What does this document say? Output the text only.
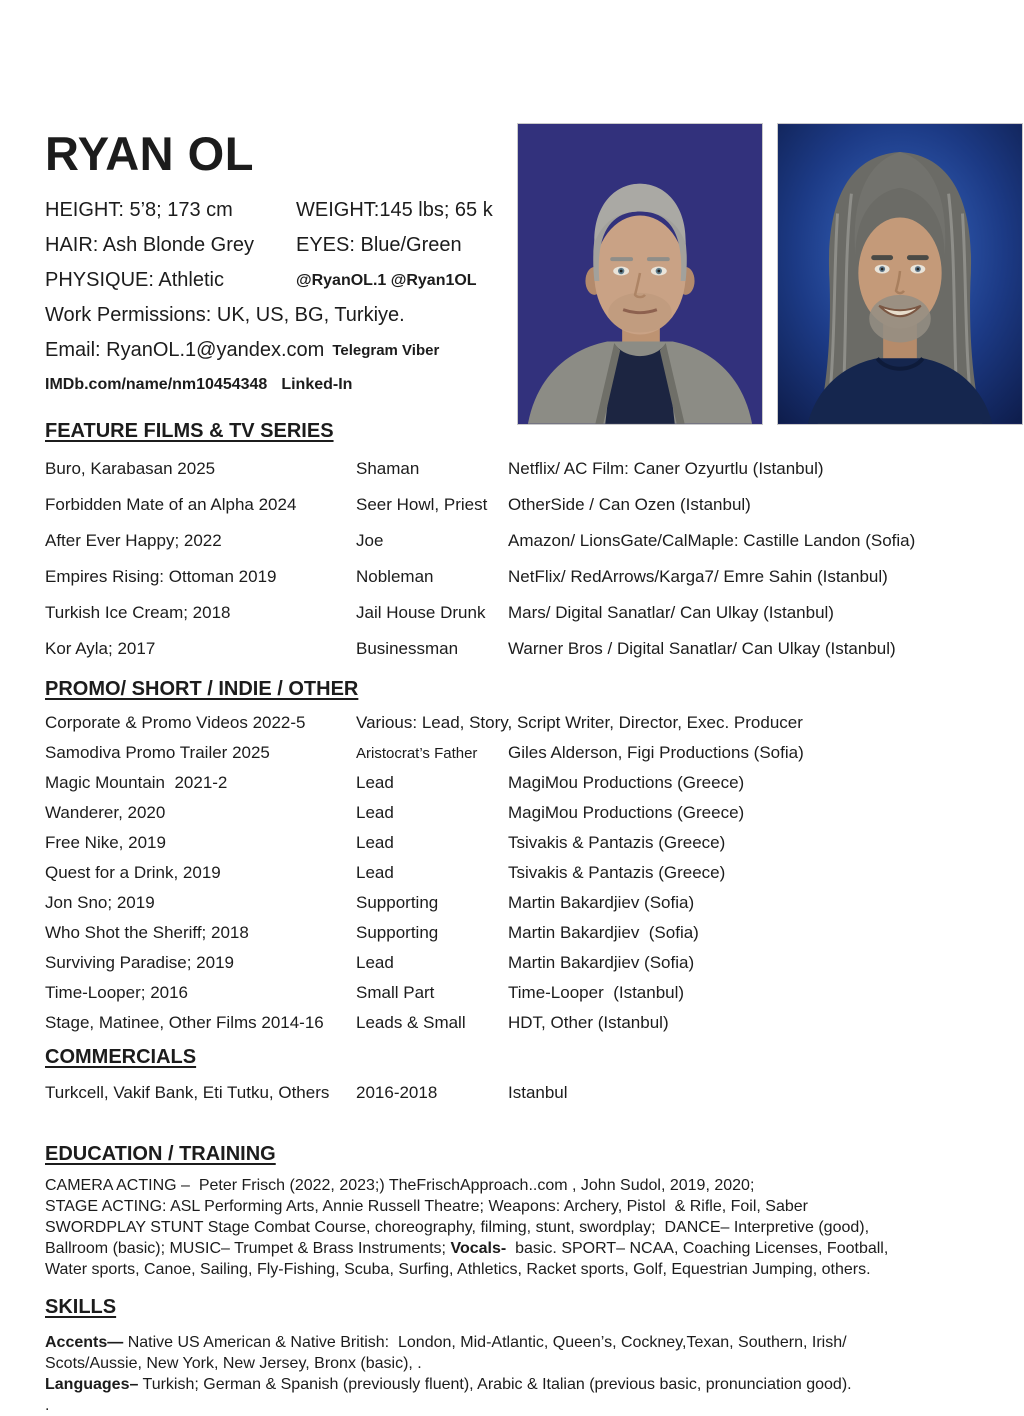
RYAN OL
HEIGHT: 5’8; 173 cm	WEIGHT:145 lbs; 65 k
HAIR: Ash Blonde Grey	EYES: Blue/Green
PHYSIQUE: Athletic	@RyanOL.1 @Ryan1OL
Work Permissions: UK, US, BG, Turkiye.
Email: RyanOL.1@yandex.com Telegram Viber
IMDb.com/name/nm10454348 Linked-In
FEATURE FILMS & TV SERIES
Buro, Karabasan 2025	Shaman	Netflix/ AC Film: Caner Ozyurtlu (Istanbul)
Forbidden Mate of an Alpha 2024	Seer Howl, Priest	OtherSide / Can Ozen (Istanbul)
After Ever Happy; 2022	Joe	Amazon/ LionsGate/CalMaple: Castille Landon (Sofia)
Empires Rising: Ottoman 2019	Nobleman	NetFlix/ RedArrows/Karga7/ Emre Sahin (Istanbul)
Turkish Ice Cream; 2018	Jail House Drunk	Mars/ Digital Sanatlar/ Can Ulkay (Istanbul)
Kor Ayla; 2017	Businessman	Warner Bros / Digital Sanatlar/ Can Ulkay (Istanbul)
PROMO/ SHORT / INDIE / OTHER
Corporate & Promo Videos 2022-5	Various: Lead, Story, Script Writer, Director, Exec. Producer
Samodiva Promo Trailer 2025	Aristocrat’s Father	Giles Alderson, Figi Productions (Sofia)
Magic Mountain  2021-2	Lead	MagiMou Productions (Greece)
Wanderer, 2020	Lead	MagiMou Productions (Greece)
Free Nike, 2019	Lead	Tsivakis & Pantazis (Greece)
Quest for a Drink, 2019	Lead	Tsivakis & Pantazis (Greece)
Jon Sno; 2019	Supporting	Martin Bakardjiev (Sofia)
Who Shot the Sheriff; 2018	Supporting	Martin Bakardjiev  (Sofia)
Surviving Paradise; 2019	Lead	Martin Bakardjiev (Sofia)
Time-Looper; 2016	Small Part	Time-Looper  (Istanbul)
Stage, Matinee, Other Films 2014-16	Leads & Small	HDT, Other (Istanbul)
COMMERCIALS
Turkcell, Vakif Bank, Eti Tutku, Others	2016-2018	Istanbul
EDUCATION / TRAINING

CAMERA ACTING –  Peter Frisch (2022, 2023;) TheFrischApproach..com , John Sudol, 2019, 2020;
STAGE ACTING: ASL Performing Arts, Annie Russell Theatre; Weapons: Archery, Pistol  & Rifle, Foil, Saber
SWORDPLAY STUNT Stage Combat Course, choreography, filming, stunt, swordplay;  DANCE– Interpretive (good),
Ballroom (basic); MUSIC– Trumpet & Brass Instruments; Vocals-  basic. SPORT– NCAA, Coaching Licenses, Football,
Water sports, Canoe, Sailing, Fly-Fishing, Scuba, Surfing, Athletics, Racket sports, Golf, Equestrian Jumping, others.

SKILLS

Accents— Native US American & Native British:  London, Mid-Atlantic, Queen’s, Cockney,Texan, Southern, Irish/
Scots/Aussie, New York, New Jersey, Bronx (basic), .
Languages– Turkish; German & Spanish (previously fluent), Arabic & Italian (previous basic, pronunciation good).
.
